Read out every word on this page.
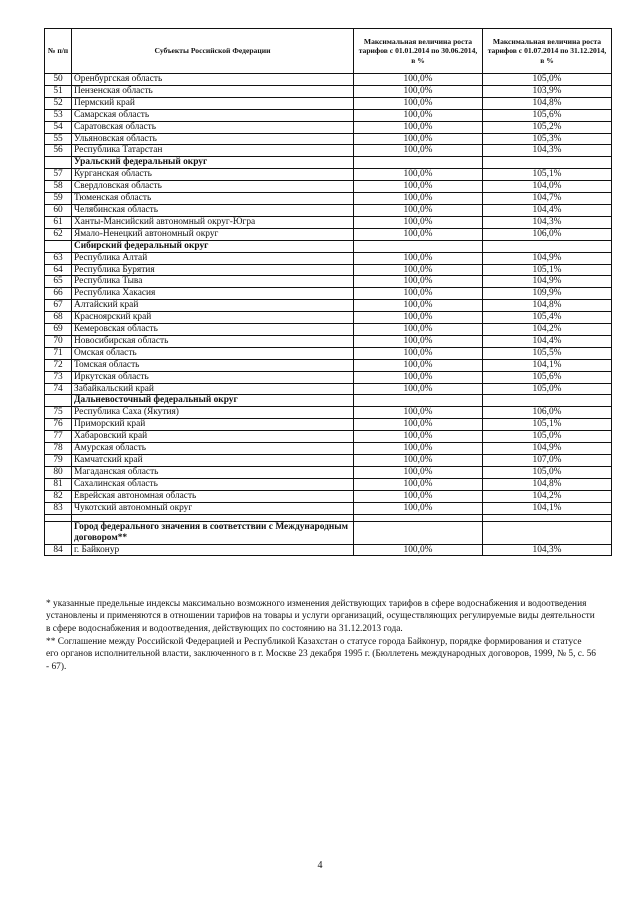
№ п/п	Субъекты Российской Федерации	Максимальная величина роста тарифов с 01.01.2014 по 30.06.2014, в %	Максимальная величина роста тарифов с 01.07.2014 по 31.12.2014, в %
50	Оренбургская область	100,0%	105,0%
51	Пензенская область	100,0%	103,9%
52	Пермский край	100,0%	104,8%
53	Самарская область	100,0%	105,6%
54	Саратовская область	100,0%	105,2%
55	Ульяновская область	100,0%	105,3%
56	Республика Татарстан	100,0%	104,3%
	Уральский федеральный округ		
57	Курганская область	100,0%	105,1%
58	Свердловская область	100,0%	104,0%
59	Тюменская область	100,0%	104,7%
60	Челябинская область	100,0%	104,4%
61	Ханты-Мансийский автономный округ-Югра	100,0%	104,3%
62	Ямало-Ненецкий автономный округ	100,0%	106,0%
	Сибирский федеральный округ		
63	Республика Алтай	100,0%	104,9%
64	Республика Бурятия	100,0%	105,1%
65	Республика Тыва	100,0%	104,9%
66	Республика Хакасия	100,0%	109,9%
67	Алтайский край	100,0%	104,8%
68	Красноярский край	100,0%	105,4%
69	Кемеровская область	100,0%	104,2%
70	Новосибирская область	100,0%	104,4%
71	Омская область	100,0%	105,5%
72	Томская область	100,0%	104,1%
73	Иркутская область	100,0%	105,6%
74	Забайкальский край	100,0%	105,0%
	Дальневосточный федеральный округ		
75	Республика Саха (Якутия)	100,0%	106,0%
76	Приморский край	100,0%	105,1%
77	Хабаровский край	100,0%	105,0%
78	Амурская область	100,0%	104,9%
79	Камчатский край	100,0%	107,0%
80	Магаданская область	100,0%	105,0%
81	Сахалинская область	100,0%	104,8%
82	Еврейская автономная область	100,0%	104,2%
83	Чукотский автономный округ	100,0%	104,1%

	Город федерального значения в соответствии с Международным договором**		
84	г. Байконур	100,0%	104,3%

* указанные предельные индексы максимально возможного изменения действующих тарифов в сфере водоснабжения и водоотведения установлены и применяются в отношении тарифов на товары и услуги организаций, осуществляющих регулируемые виды деятельности в сфере водоснабжения и водоотведения, действующих по состоянию на 31.12.2013 года.

** Соглашение между Российской Федерацией и Республикой Казахстан о статусе города Байконур, порядке формирования и статусе его органов исполнительной власти, заключенного в г. Москве 23 декабря 1995 г. (Бюллетень международных договоров, 1999, № 5, с. 56 - 67).

4
